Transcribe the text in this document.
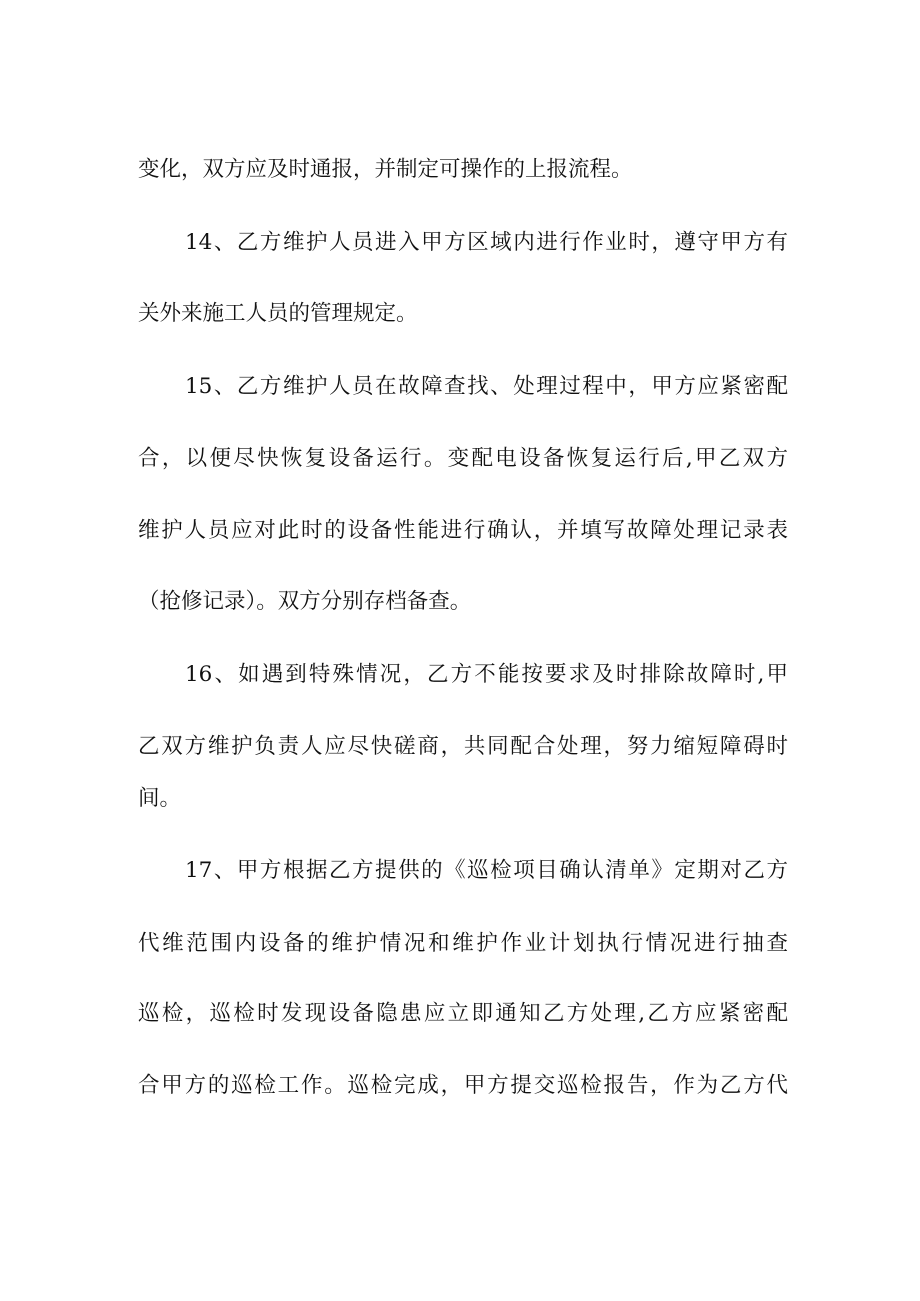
变化，双方应及时通报，并制定可操作的上报流程。
14、乙方维护人员进入甲方区域内进行作业时，遵守甲方有
关外来施工人员的管理规定。
15、乙方维护人员在故障查找、处理过程中，甲方应紧密配
合，以便尽快恢复设备运行。变配电设备恢复运行后,甲乙双方
维护人员应对此时的设备性能进行确认，并填写故障处理记录表
（抢修记录）。双方分别存档备查。
16、如遇到特殊情况，乙方不能按要求及时排除故障时,甲
乙双方维护负责人应尽快磋商，共同配合处理，努力缩短障碍时
间。
17、甲方根据乙方提供的《巡检项目确认清单》定期对乙方
代维范围内设备的维护情况和维护作业计划执行情况进行抽查
巡检，巡检时发现设备隐患应立即通知乙方处理,乙方应紧密配
合甲方的巡检工作。巡检完成，甲方提交巡检报告，作为乙方代
